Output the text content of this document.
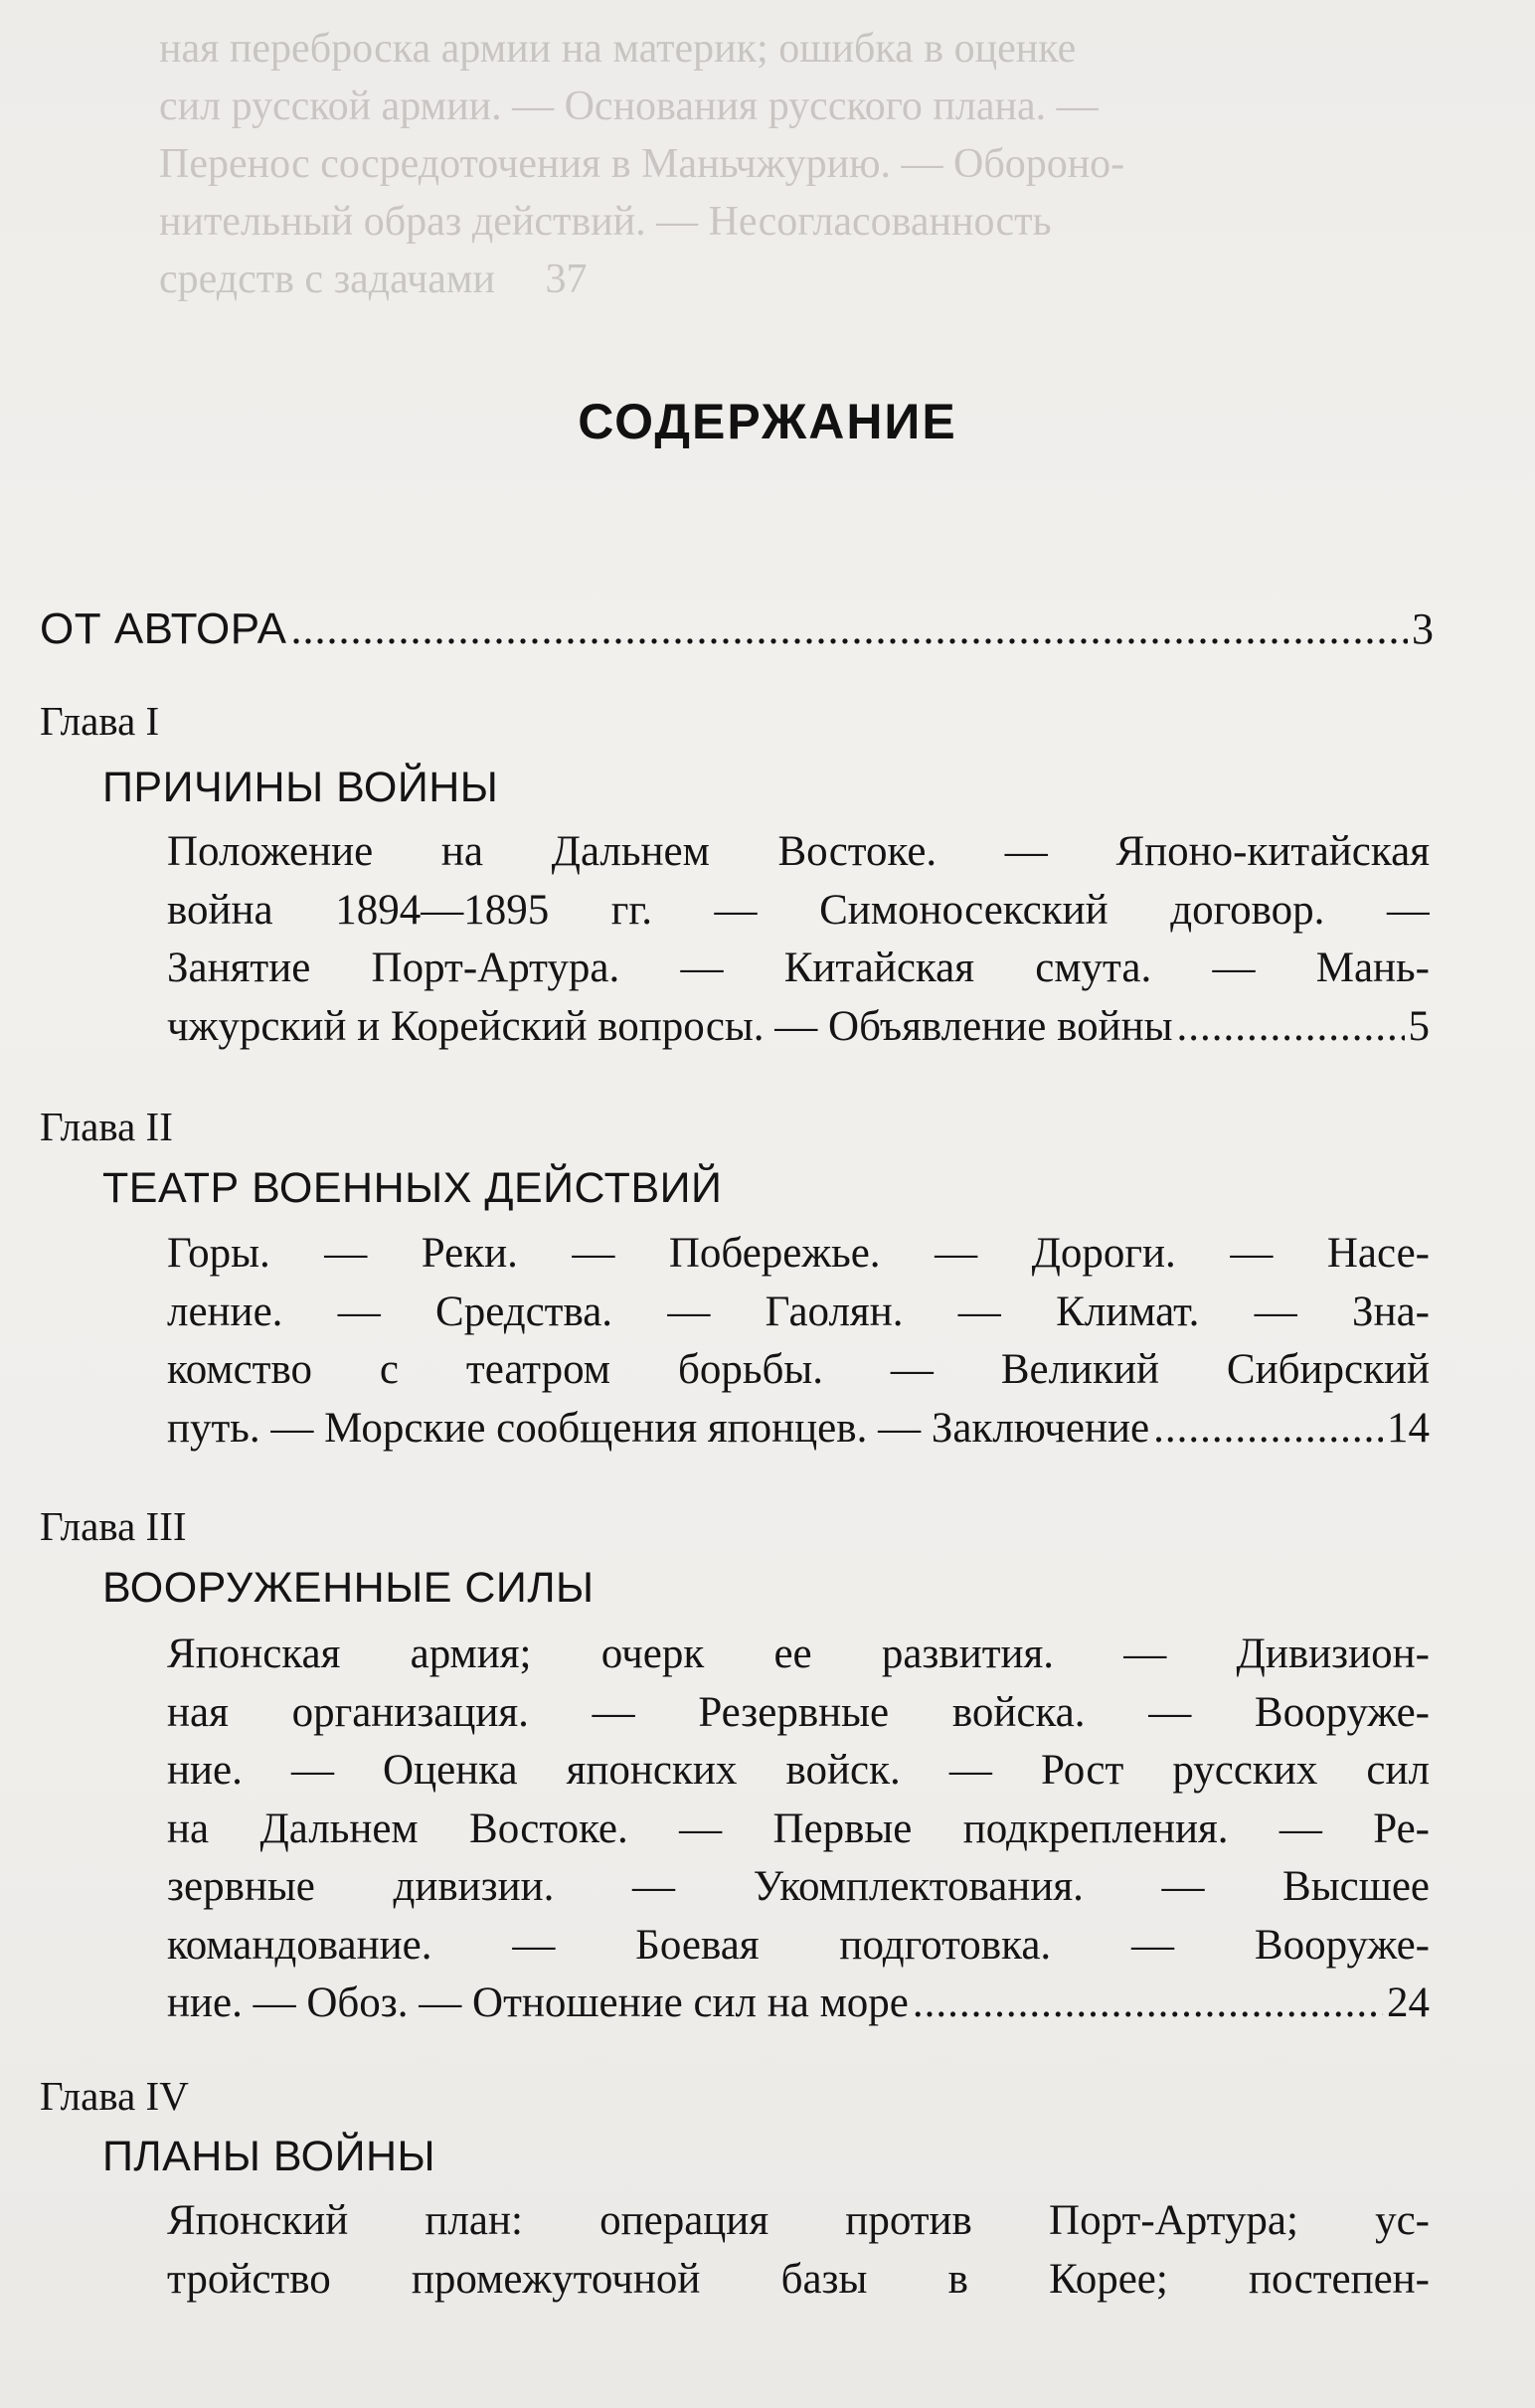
ная переброска армии на материк; ошибка в оценке
сил русской армии. — Основания русского плана. —
Перенос сосредоточения в Маньчжурию. — Обороно-
нительный образ действий. — Несогласованность
средств с задачами 37
СОДЕРЖАНИЕ
ОТ АВТОРА .....	3
Глава I
ПРИЧИНЫ ВОЙНЫ
Положение на Дальнем Востоке. — Японо-китайская
война 1894—1895 гг. — Симоносекский договор. —
Занятие Порт-Артура. — Китайская смута. — Мань-
чжурский и Корейский вопросы. — Объявление войны .....	5
Глава II
ТЕАТР ВОЕННЫХ ДЕЙСТВИЙ
Горы. — Реки. — Побережье. — Дороги. — Насе-
ление. — Средства. — Гаолян. — Климат. — Зна-
комство с театром борьбы. — Великий Сибирский
путь. — Морские сообщения японцев. — Заключение .....	14
Глава III
ВООРУЖЕННЫЕ СИЛЫ
Японская армия; очерк ее развития. — Дивизион-
ная организация. — Резервные войска. — Вооруже-
ние. — Оценка японских войск. — Рост русских сил
на Дальнем Востоке. — Первые подкрепления. — Ре-
зервные дивизии. — Укомплектования. — Высшее
командование. — Боевая подготовка. — Вооруже-
ние. — Обоз. — Отношение сил на море .....	24
Глава IV
ПЛАНЫ ВОЙНЫ
Японский план: операция против Порт-Артура; ус-
тройство промежуточной базы в Корее; постепен-
